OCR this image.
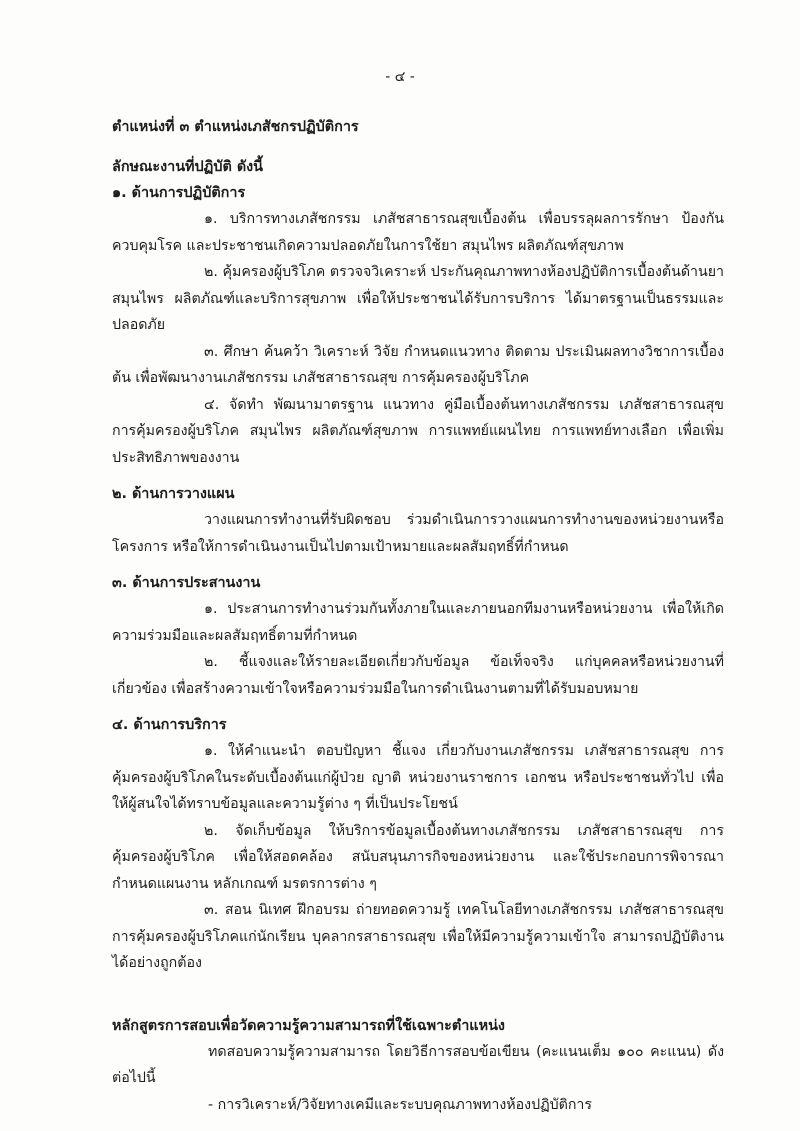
- ๔ -

ตำแหน่งที่ ๓ ตำแหน่งเภสัชกรปฏิบัติการ

ลักษณะงานที่ปฏิบัติ ดังนี้

๑. ด้านการปฏิบัติการ

๑. บริการทางเภสัชกรรม เภสัชสาธารณสุขเบื้องต้น เพื่อบรรลุผลการรักษา ป้องกัน ควบคุมโรค และประชาชนเกิดความปลอดภัยในการใช้ยา สมุนไพร ผลิตภัณฑ์สุขภาพ

๒. คุ้มครองผู้บริโภค ตรวจจวิเคราะห์ ประกันคุณภาพทางห้องปฏิบัติการเบื้องต้นด้านยา สมุนไพร ผลิตภัณฑ์และบริการสุขภาพ เพื่อให้ประชาชนได้รับการบริการ ได้มาตรฐานเป็นธรรมและปลอดภัย

๓. ศึกษา ค้นคว้า วิเคราะห์ วิจัย กำหนดแนวทาง ติดตาม ประเมินผลทางวิชาการเบื้องต้น เพื่อพัฒนางานเภสัชกรรม เภสัชสาธารณสุข การคุ้มครองผู้บริโภค

๔. จัดทำ พัฒนามาตรฐาน แนวทาง คู่มือเบื้องต้นทางเภสัชกรรม เภสัชสาธารณสุข การคุ้มครองผู้บริโภค สมุนไพร ผลิตภัณฑ์สุขภาพ การแพทย์แผนไทย การแพทย์ทางเลือก เพื่อเพิ่มประสิทธิภาพของงาน

๒. ด้านการวางแผน

วางแผนการทำงานที่รับผิดชอบ ร่วมดำเนินการวางแผนการทำงานของหน่วยงานหรือโครงการ หรือให้การดำเนินงานเป็นไปตามเป้าหมายและผลสัมฤทธิ์ที่กำหนด

๓. ด้านการประสานงาน

๑. ประสานการทำงานร่วมกันทั้งภายในและภายนอกทีมงานหรือหน่วยงาน เพื่อให้เกิดความร่วมมือและผลสัมฤทธิ์ตามที่กำหนด

๒. ชี้แจงและให้รายละเอียดเกี่ยวกับข้อมูล ข้อเท็จจริง แก่บุคคลหรือหน่วยงานที่เกี่ยวข้อง เพื่อสร้างความเข้าใจหรือความร่วมมือในการดำเนินงานตามที่ได้รับมอบหมาย

๔. ด้านการบริการ

๑. ให้คำแนะนำ ตอบปัญหา ชี้แจง เกี่ยวกับงานเภสัชกรรม เภสัชสาธารณสุข การคุ้มครองผู้บริโภคในระดับเบื้องต้นแก่ผู้ป่วย ญาติ หน่วยงานราชการ เอกชน หรือประชาชนทั่วไป เพื่อให้ผู้สนใจได้ทราบข้อมูลและความรู้ต่าง ๆ ที่เป็นประโยชน์

๒. จัดเก็บข้อมูล ให้บริการข้อมูลเบื้องต้นทางเภสัชกรรม เภสัชสาธารณสุข การคุ้มครองผู้บริโภค เพื่อให้สอดคล้อง สนับสนุนภารกิจของหน่วยงาน และใช้ประกอบการพิจารณากำหนดแผนงาน หลักเกณฑ์ มรตรการต่าง ๆ

๓. สอน นิเทศ ฝึกอบรม ถ่ายทอดความรู้ เทคโนโลยีทางเภสัชกรรม เภสัชสาธารณสุข การคุ้มครองผู้บริโภคแก่นักเรียน บุคลากรสาธารณสุข เพื่อให้มีความรู้ความเข้าใจ สามารถปฏิบัติงานได้อย่างถูกต้อง

หลักสูตรการสอบเพื่อวัดความรู้ความสามารถที่ใช้เฉพาะตำแหน่ง

ทดสอบความรู้ความสามารถ โดยวิธีการสอบข้อเขียน (คะแนนเต็ม ๑๐๐ คะแนน) ดังต่อไปนี้

- การวิเคราะห์/วิจัยทางเคมีและระบบคุณภาพทางห้องปฏิบัติการ
